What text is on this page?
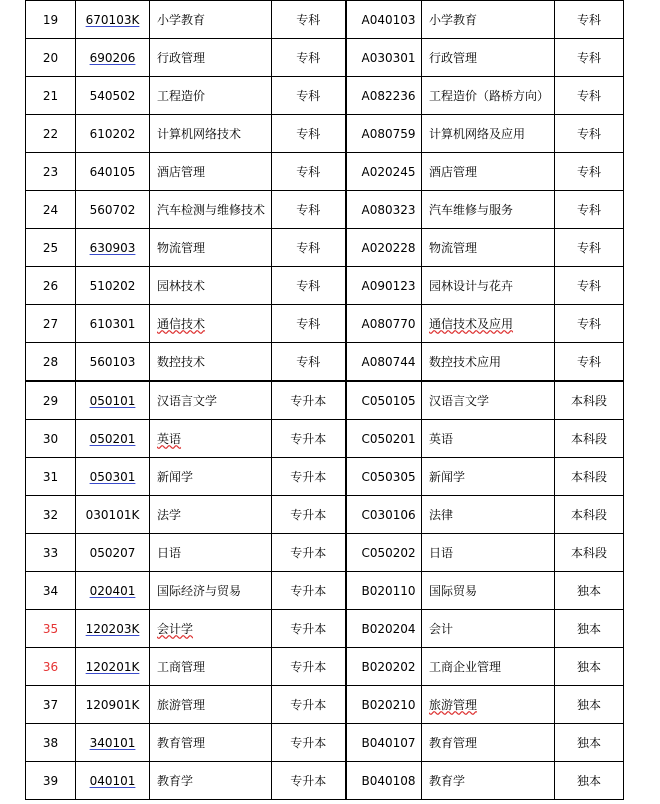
19	670103K	小学教育	专科	A040103	小学教育	专科
20	690206	行政管理	专科	A030301	行政管理	专科
21	540502	工程造价	专科	A082236	工程造价（路桥方向）	专科
22	610202	计算机网络技术	专科	A080759	计算机网络及应用	专科
23	640105	酒店管理	专科	A020245	酒店管理	专科
24	560702	汽车检测与维修技术	专科	A080323	汽车维修与服务	专科
25	630903	物流管理	专科	A020228	物流管理	专科
26	510202	园林技术	专科	A090123	园林设计与花卉	专科
27	610301	通信技术	专科	A080770	通信技术及应用	专科
28	560103	数控技术	专科	A080744	数控技术应用	专科
29	050101	汉语言文学	专升本	C050105	汉语言文学	本科段
30	050201	英语	专升本	C050201	英语	本科段
31	050301	新闻学	专升本	C050305	新闻学	本科段
32	030101K	法学	专升本	C030106	法律	本科段
33	050207	日语	专升本	C050202	日语	本科段
34	020401	国际经济与贸易	专升本	B020110	国际贸易	独本
35	120203K	会计学	专升本	B020204	会计	独本
36	120201K	工商管理	专升本	B020202	工商企业管理	独本
37	120901K	旅游管理	专升本	B020210	旅游管理	独本
38	340101	教育管理	专升本	B040107	教育管理	独本
39	040101	教育学	专升本	B040108	教育学	独本
